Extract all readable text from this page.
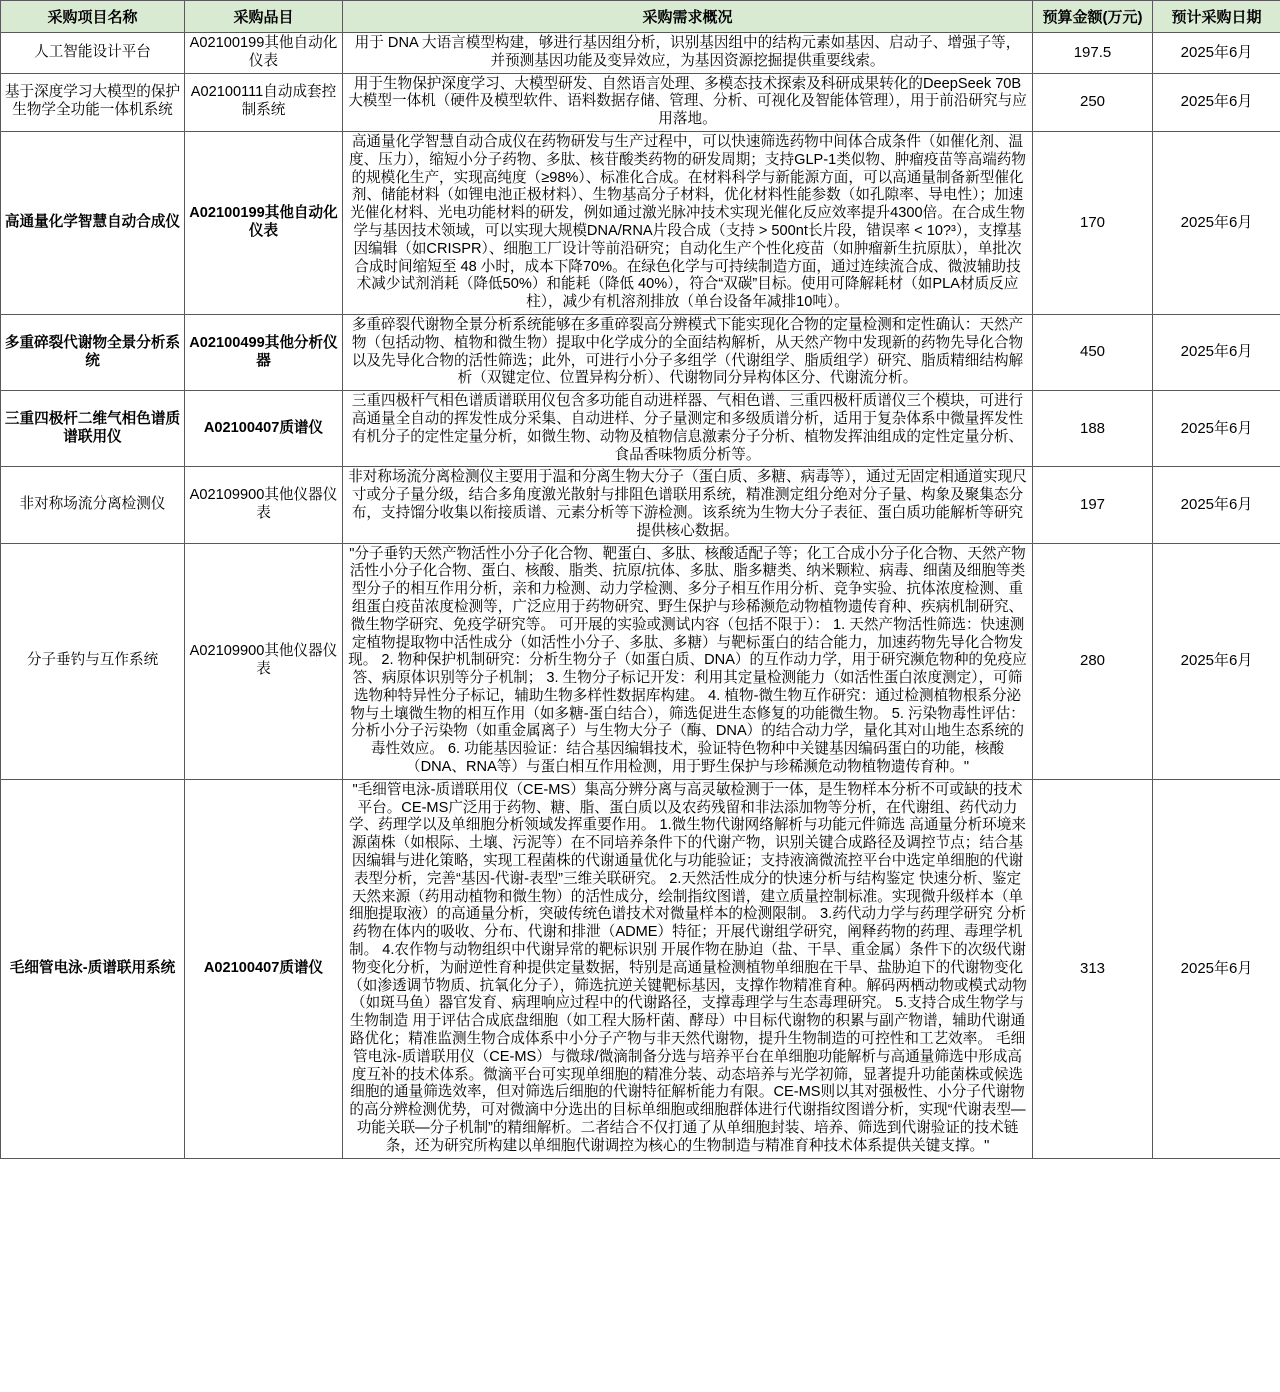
采购项目名称	采购品目	采购需求概况	预算金额(万元)	预计采购日期
人工智能设计平台	A02100199其他自动化仪表	用于 DNA 大语言模型构建，够进行基因组分析，识别基因组中的结构元素如基因、启动子、增强子等，并预测基因功能及变异效应，为基因资源挖掘提供重要线索。	197.5	2025年6月
基于深度学习大模型的保护生物学全功能一体机系统	A02100111自动成套控制系统	用于生物保护深度学习、大模型研发、自然语言处理、多模态技术探索及科研成果转化的DeepSeek 70B大模型一体机（硬件及模型软件、语料数据存储、管理、分析、可视化及智能体管理），用于前沿研究与应用落地。	250	2025年6月
高通量化学智慧自动合成仪	A02100199其他自动化仪表	高通量化学智慧自动合成仪在药物研发与生产过程中，可以快速筛选药物中间体合成条件（如催化剂、温度、压力），缩短小分子药物、多肽、核苷酸类药物的研发周期；支持GLP-1类似物、肿瘤疫苗等高端药物的规模化生产，实现高纯度（≥98%）、标准化合成。在材料科学与新能源方面，可以高通量制备新型催化剂、储能材料（如锂电池正极材料）、生物基高分子材料，优化材料性能参数（如孔隙率、导电性）；加速光催化材料、光电功能材料的研发，例如通过激光脉冲技术实现光催化反应效率提升4300倍。在合成生物学与基因技术领域，可以实现大规模DNA/RNA片段合成（支持 > 500nt长片段，错误率 < 10?³），支撑基因编辑（如CRISPR）、细胞工厂设计等前沿研究；自动化生产个性化疫苗（如肿瘤新生抗原肽），单批次合成时间缩短至 48 小时，成本下降70%。在绿色化学与可持续制造方面，通过连续流合成、微波辅助技术减少试剂消耗（降低50%）和能耗（降低 40%），符合“双碳”目标。使用可降解耗材（如PLA材质反应柱），减少有机溶剂排放（单台设备年减排10吨）。	170	2025年6月
多重碎裂代谢物全景分析系统	A02100499其他分析仪器	多重碎裂代谢物全景分析系统能够在多重碎裂高分辨模式下能实现化合物的定量检测和定性确认：天然产物（包括动物、植物和微生物）提取中化学成分的全面结构解析，从天然产物中发现新的药物先导化合物以及先导化合物的活性筛选；此外，可进行小分子多组学（代谢组学、脂质组学）研究、脂质精细结构解析（双键定位、位置异构分析）、代谢物同分异构体区分、代谢流分析。	450	2025年6月
三重四极杆二维气相色谱质谱联用仪	A02100407质谱仪	三重四极杆气相色谱质谱联用仪包含多功能自动进样器、气相色谱、三重四极杆质谱仪三个模块，可进行高通量全自动的挥发性成分采集、自动进样、分子量测定和多级质谱分析，适用于复杂体系中微量挥发性有机分子的定性定量分析，如微生物、动物及植物信息激素分子分析、植物发挥油组成的定性定量分析、食品香味物质分析等。	188	2025年6月
非对称场流分离检测仪	A02109900其他仪器仪表	非对称场流分离检测仪主要用于温和分离生物大分子（蛋白质、多糖、病毒等），通过无固定相通道实现尺寸或分子量分级，结合多角度激光散射与排阻色谱联用系统，精准测定组分绝对分子量、构象及聚集态分布，支持馏分收集以衔接质谱、元素分析等下游检测。该系统为生物大分子表征、蛋白质功能解析等研究提供核心数据。	197	2025年6月
分子垂钓与互作系统	A02109900其他仪器仪表	"分子垂钓天然产物活性小分子化合物、靶蛋白、多肽、核酸适配子等；化工合成小分子化合物、天然产物活性小分子化合物、蛋白、核酸、脂类、抗原/抗体、多肽、脂多糖类、纳米颗粒、病毒、细菌及细胞等类型分子的相互作用分析，亲和力检测、动力学检测、多分子相互作用分析、竞争实验、抗体浓度检测、重组蛋白疫苗浓度检测等，广泛应用于药物研究、野生保护与珍稀濒危动物植物遗传育种、疾病机制研究、微生物学研究、免疫学研究等。 可开展的实验或测试内容（包括不限于）： 1. 天然产物活性筛选：快速测定植物提取物中活性成分（如活性小分子、多肽、多糖）与靶标蛋白的结合能力，加速药物先导化合物发现。 2. 物种保护机制研究：分析生物分子（如蛋白质、DNA）的互作动力学，用于研究濒危物种的免疫应答、病原体识别等分子机制； 3. 生物分子标记开发：利用其定量检测能力（如活性蛋白浓度测定），可筛选物种特异性分子标记，辅助生物多样性数据库构建。 4. 植物-微生物互作研究：通过检测植物根系分泌物与土壤微生物的相互作用（如多糖-蛋白结合），筛选促进生态修复的功能微生物。 5. 污染物毒性评估：分析小分子污染物（如重金属离子）与生物大分子（酶、DNA）的结合动力学，量化其对山地生态系统的毒性效应。 6. 功能基因验证：结合基因编辑技术，验证特色物种中关键基因编码蛋白的功能，核酸（DNA、RNA等）与蛋白相互作用检测，用于野生保护与珍稀濒危动物植物遗传育种。"	280	2025年6月
毛细管电泳-质谱联用系统	A02100407质谱仪	"毛细管电泳-质谱联用仪（CE-MS）集高分辨分离与高灵敏检测于一体，是生物样本分析不可或缺的技术平台。CE-MS广泛用于药物、糖、脂、蛋白质以及农药残留和非法添加物等分析，在代谢组、药代动力学、药理学以及单细胞分析领域发挥重要作用。 1.微生物代谢网络解析与功能元件筛选 高通量分析环境来源菌株（如根际、土壤、污泥等）在不同培养条件下的代谢产物，识别关键合成路径及调控节点；结合基因编辑与进化策略，实现工程菌株的代谢通量优化与功能验证；支持液滴微流控平台中选定单细胞的代谢表型分析，完善“基因-代谢-表型”三维关联研究。 2.天然活性成分的快速分析与结构鉴定 快速分析、鉴定天然来源（药用动植物和微生物）的活性成分，绘制指纹图谱，建立质量控制标准。实现微升级样本（单细胞提取液）的高通量分析，突破传统色谱技术对微量样本的检测限制。 3.药代动力学与药理学研究 分析药物在体内的吸收、分布、代谢和排泄（ADME）特征；开展代谢组学研究，阐释药物的药理、毒理学机制。 4.农作物与动物组织中代谢异常的靶标识别 开展作物在胁迫（盐、干旱、重金属）条件下的次级代谢物变化分析，为耐逆性育种提供定量数据，特别是高通量检测植物单细胞在干旱、盐胁迫下的代谢物变化（如渗透调节物质、抗氧化分子），筛选抗逆关键靶标基因，支撑作物精准育种。解码两栖动物或模式动物（如斑马鱼）器官发育、病理响应过程中的代谢路径，支撑毒理学与生态毒理研究。 5.支持合成生物学与生物制造 用于评估合成底盘细胞（如工程大肠杆菌、酵母）中目标代谢物的积累与副产物谱，辅助代谢通路优化；精准监测生物合成体系中小分子产物与非天然代谢物，提升生物制造的可控性和工艺效率。 毛细管电泳-质谱联用仪（CE-MS）与微球/微滴制备分选与培养平台在单细胞功能解析与高通量筛选中形成高度互补的技术体系。微滴平台可实现单细胞的精准分装、动态培养与光学初筛，显著提升功能菌株或候选细胞的通量筛选效率，但对筛选后细胞的代谢特征解析能力有限。CE-MS则以其对强极性、小分子代谢物的高分辨检测优势，可对微滴中分选出的目标单细胞或细胞群体进行代谢指纹图谱分析，实现“代谢表型—功能关联—分子机制”的精细解析。二者结合不仅打通了从单细胞封装、培养、筛选到代谢验证的技术链条，还为研究所构建以单细胞代谢调控为核心的生物制造与精准育种技术体系提供关键支撑。"	313	2025年6月
